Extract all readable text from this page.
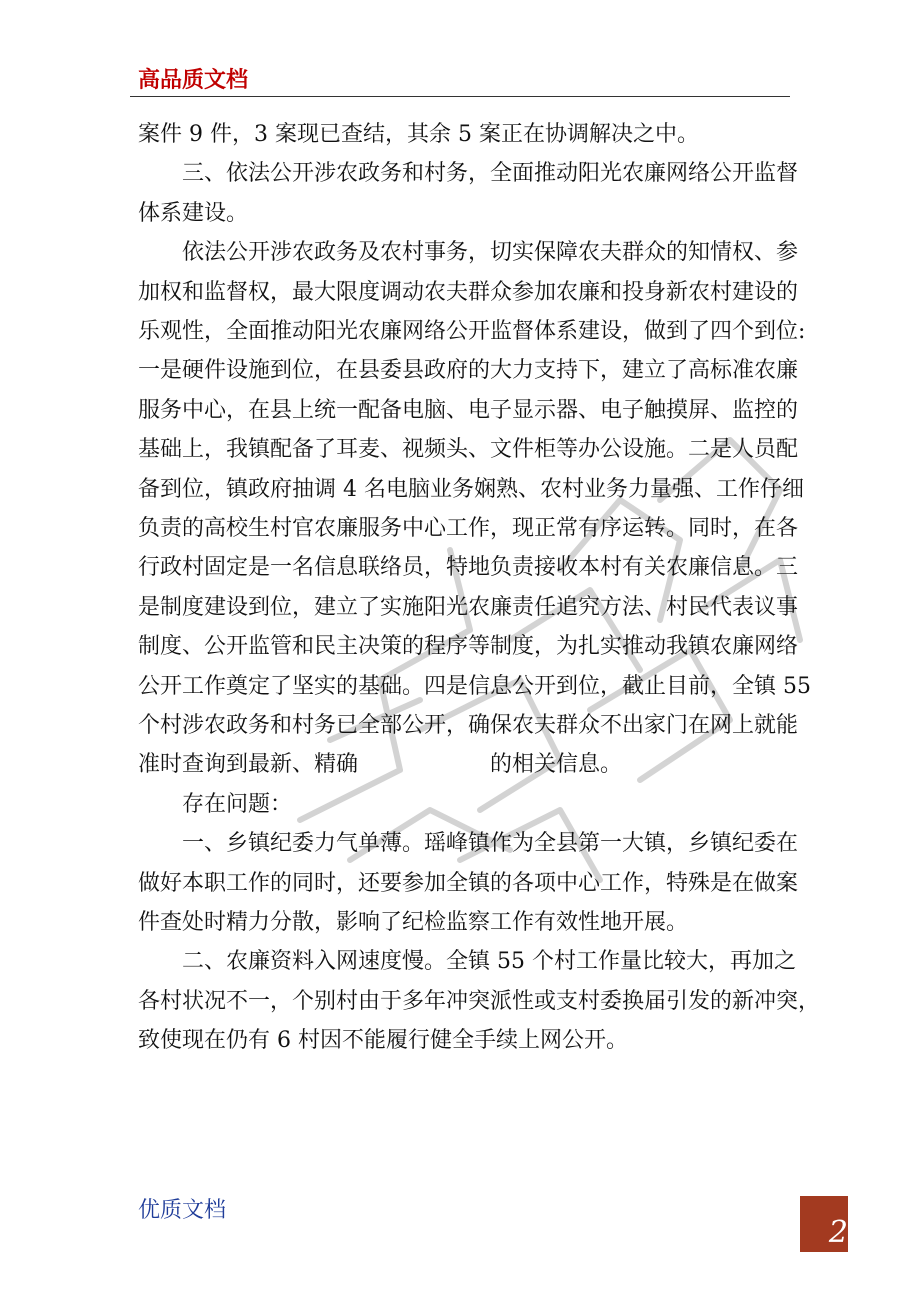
高品质文档
案件 9 件，3 案现已查结，其余 5 案正在协调解决之中。
　　三、依法公开涉农政务和村务，全面推动阳光农廉网络公开监督
体系建设。
　　依法公开涉农政务及农村事务，切实保障农夫群众的知情权、参
加权和监督权，最大限度调动农夫群众参加农廉和投身新农村建设的
乐观性，全面推动阳光农廉网络公开监督体系建设，做到了四个到位:
一是硬件设施到位，在县委县政府的大力支持下，建立了高标准农廉
服务中心，在县上统一配备电脑、电子显示器、电子触摸屏、监控的
基础上，我镇配备了耳麦、视频头、文件柜等办公设施。二是人员配
备到位，镇政府抽调 4 名电脑业务娴熟、农村业务力量强、工作仔细
负责的高校生村官农廉服务中心工作，现正常有序运转。同时，在各
行政村固定是一名信息联络员，特地负责接收本村有关农廉信息。三
是制度建设到位，建立了实施阳光农廉责任追究方法、村民代表议事
制度、公开监管和民主决策的程序等制度，为扎实推动我镇农廉网络
公开工作奠定了坚实的基础。四是信息公开到位，截止目前，全镇 55
个村涉农政务和村务已全部公开，确保农夫群众不出家门在网上就能
准时查询到最新、精确　　　　　　的相关信息。
　　存在问题：
　　一、乡镇纪委力气单薄。瑶峰镇作为全县第一大镇，乡镇纪委在
做好本职工作的同时，还要参加全镇的各项中心工作，特殊是在做案
件查处时精力分散，影响了纪检监察工作有效性地开展。
　　二、农廉资料入网速度慢。全镇 55 个村工作量比较大，再加之
各村状况不一，个别村由于多年冲突派性或支村委换届引发的新冲突，
致使现在仍有 6 村因不能履行健全手续上网公开。
优质文档
2
